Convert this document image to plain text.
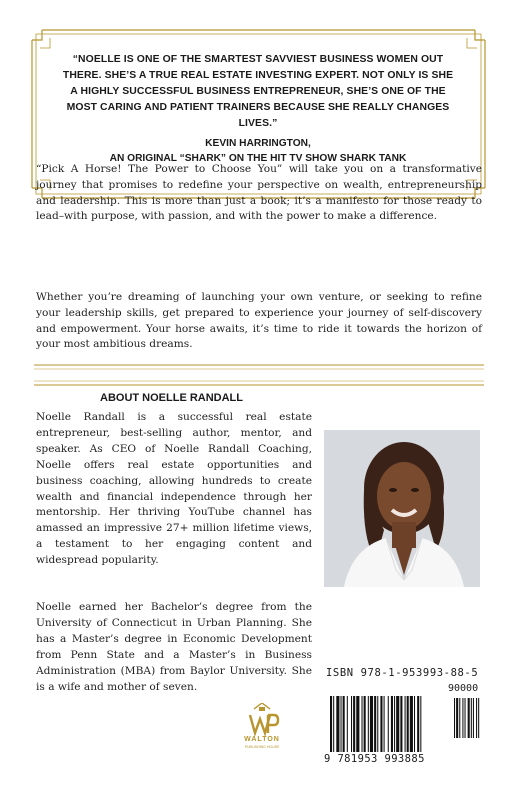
“NOELLE IS ONE OF THE SMARTEST SAVVIEST BUSINESS WOMEN OUT THERE. SHE’S A TRUE REAL ESTATE INVESTING EXPERT. NOT ONLY IS SHE A HIGHLY SUCCESSFUL BUSINESS ENTREPRENEUR, SHE’S ONE OF THE MOST CARING AND PATIENT TRAINERS BECAUSE SHE REALLY CHANGES LIVES.”
KEVIN HARRINGTON,
AN ORIGINAL “SHARK” ON THE HIT TV SHOW SHARK TANK
“Pick A Horse! The Power to Choose You” will take you on a transformative journey that promises to redefine your perspective on wealth, entrepreneurship and leadership. This is more than just a book; it’s a manifesto for those ready to lead–with purpose, with passion, and with the power to make a difference.
Whether you’re dreaming of launching your own venture, or seeking to refine your leadership skills, get prepared to experience your journey of self-discovery and empowerment. Your horse awaits, it’s time to ride it towards the horizon of your most ambitious dreams.
ABOUT NOELLE RANDALL
Noelle Randall is a successful real estate entrepreneur, best-selling author, mentor, and speaker. As CEO of Noelle Randall Coaching, Noelle offers real estate opportunities and business coaching, allowing hundreds to create wealth and financial independence through her mentorship. Her thriving YouTube channel has amassed an impressive 27+ million lifetime views, a testament to her engaging content and widespread popularity.
Noelle earned her Bachelor’s degree from the University of Connecticut in Urban Planning. She has a Master’s degree in Economic Development from Penn State and a Master’s in Business Administration (MBA) from Baylor University. She is a wife and mother of seven.
WALTON
PUBLISHING HOUSE
ISBN 978-1-953993-88-5
90000
9 781953 993885
